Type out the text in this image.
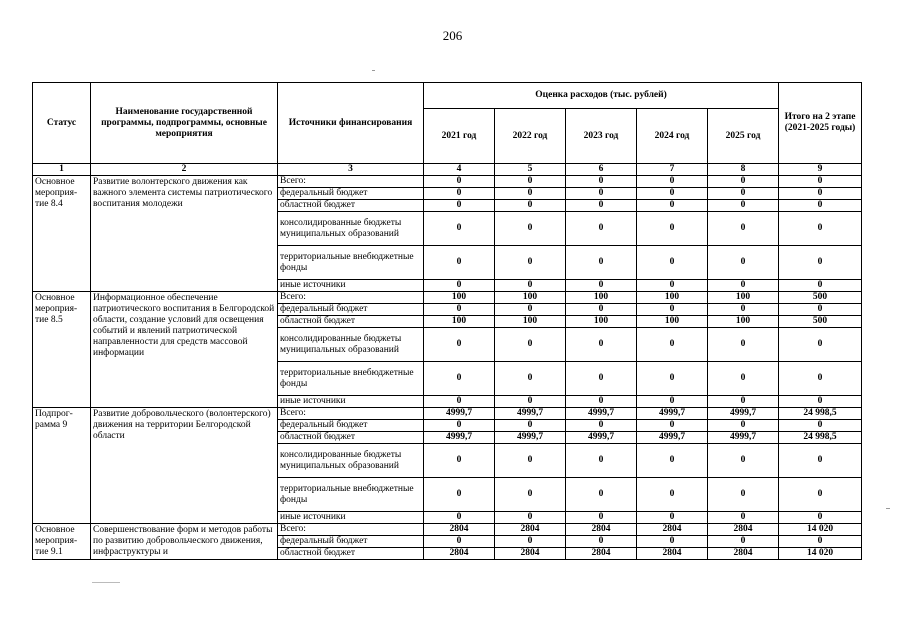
206
Статус	Наименование государственной программы, подпрограммы, основные мероприятия	Источники финансирования	Оценка расходов (тыс. рублей)					Итого на 2 этапе (2021-2025 годы)
			2021 год	2022 год	2023 год	2024 год	2025 год	
1	2	3	4	5	6	7	8	9
Основное мероприя-тие 8.4	Развитие волонтерского движения как важного элемента системы патриотического воспитания молодежи	Всего:	0	0	0	0	0	0
		федеральный бюджет	0	0	0	0	0	0
		областной бюджет	0	0	0	0	0	0
		консолидированные бюджеты муниципальных образований	0	0	0	0	0	0
		территориальные внебюджетные фонды	0	0	0	0	0	0
		иные источники	0	0	0	0	0	0
Основное мероприя-тие 8.5	Информационное обеспечение патриотического воспитания в Белгородской области, создание условий для освещения событий и явлений патриотической направленности для средств массовой информации	Всего:	100	100	100	100	100	500
		федеральный бюджет	0	0	0	0	0	0
		областной бюджет	100	100	100	100	100	500
		консолидированные бюджеты муниципальных образований	0	0	0	0	0	0
		территориальные внебюджетные фонды	0	0	0	0	0	0
		иные источники	0	0	0	0	0	0
Подпрог-рамма 9	Развитие добровольческого (волонтерского) движения на территории Белгородской области	Всего:	4999,7	4999,7	4999,7	4999,7	4999,7	24 998,5
		федеральный бюджет	0	0	0	0	0	0
		областной бюджет	4999,7	4999,7	4999,7	4999,7	4999,7	24 998,5
		консолидированные бюджеты муниципальных образований	0	0	0	0	0	0
		территориальные внебюджетные фонды	0	0	0	0	0	0
		иные источники	0	0	0	0	0	0
Основное мероприя-тие 9.1	Совершенствование форм и методов работы по развитию добровольческого движения, инфраструктуры и	Всего:	2804	2804	2804	2804	2804	14 020
		федеральный бюджет	0	0	0	0	0	0
		областной бюджет	2804	2804	2804	2804	2804	14 020
